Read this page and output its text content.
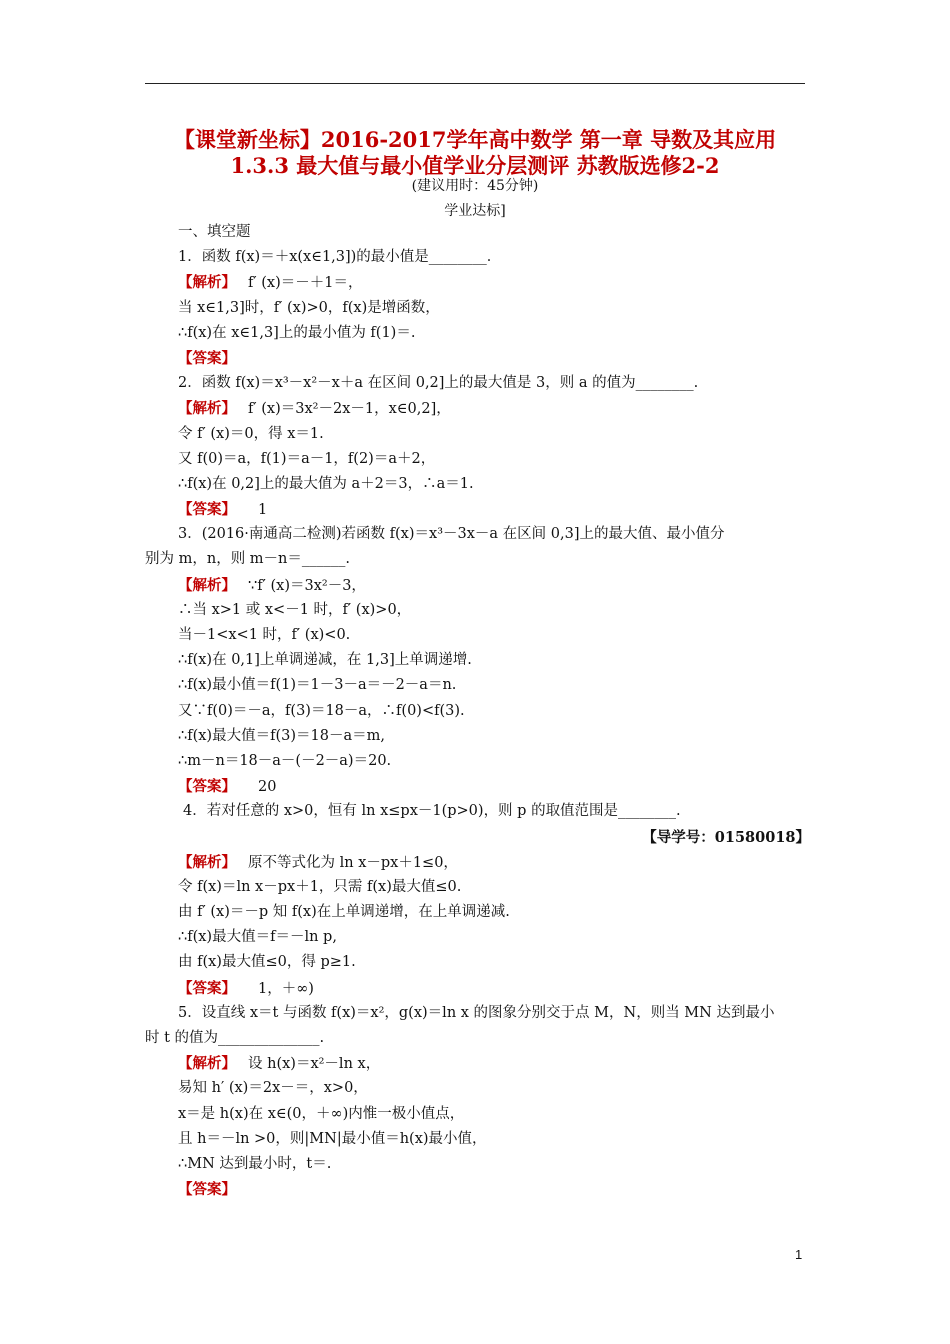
【课堂新坐标】2016-2017学年高中数学 第一章 导数及其应用
1.3.3 最大值与最小值学业分层测评 苏教版选修2-2
(建议用时：45分钟)
学业达标]
一、填空题
1．函数 f(x)＝＋x(x∈1,3])的最小值是________．
【解析】 f′ (x)＝－＋1＝，
当 x∈1,3]时，f′ (x)>0，f(x)是增函数，
∴f(x)在 x∈1,3]上的最小值为 f(1)＝.
【答案】
2．函数 f(x)＝x³－x²－x＋a 在区间 0,2]上的最大值是 3，则 a 的值为________.
【解析】 f′ (x)＝3x²－2x－1，x∈0,2]，
令 f′ (x)＝0，得 x＝1.
又 f(0)＝a，f(1)＝a－1，f(2)＝a＋2，
∴f(x)在 0,2]上的最大值为 a＋2＝3，∴a＝1.
【答案】 1
3．(2016·南通高二检测)若函数 f(x)＝x³－3x－a 在区间 0,3]上的最大值、最小值分
别为 m，n，则 m－n＝______.
【解析】 ∵f′ (x)＝3x²－3，
∴当 x>1 或 x<－1 时，f′ (x)>0，
当－1<x<1 时，f′ (x)<0.
∴f(x)在 0,1]上单调递减，在 1,3]上单调递增.
∴f(x)最小值＝f(1)＝1－3－a＝－2－a＝n.
又∵f(0)＝－a，f(3)＝18－a，∴f(0)<f(3).
∴f(x)最大值＝f(3)＝18－a＝m,
∴m－n＝18－a－(－2－a)＝20.
【答案】 20
4．若对任意的 x>0，恒有 ln x≤px－1(p>0)，则 p 的取值范围是________.
【导学号：01580018】
【解析】 原不等式化为 ln x－px＋1≤0，
令 f(x)＝ln x－px＋1，只需 f(x)最大值≤0.
由 f′ (x)＝－p 知 f(x)在上单调递增，在上单调递减.
∴f(x)最大值＝f＝－ln p,
由 f(x)最大值≤0，得 p≥1.
【答案】 1，＋∞)
5．设直线 x＝t 与函数 f(x)＝x²，g(x)＝ln x 的图象分别交于点 M，N，则当 MN 达到最小
时 t 的值为______________.
【解析】 设 h(x)＝x²－ln x，
易知 h′ (x)＝2x－＝，x>0，
x＝是 h(x)在 x∈(0，＋∞)内惟一极小值点，
且 h＝－ln >0，则|MN|最小值＝h(x)最小值，
∴MN 达到最小时，t＝.
【答案】
1
